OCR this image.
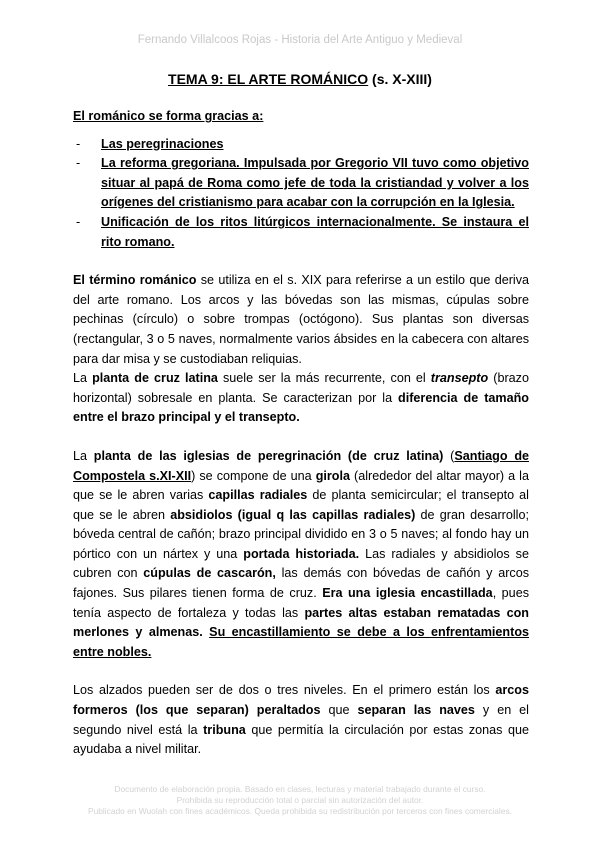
Fernando Villalcoos Rojas - Historia del Arte Antiguo y Medieval
TEMA 9: EL ARTE ROMÁNICO (s. X-XIII)

El románico se forma gracias a:

- Las peregrinaciones
- La reforma gregoriana. Impulsada por Gregorio VII tuvo como objetivo situar al papá de Roma como jefe de toda la cristiandad y volver a los orígenes del cristianismo para acabar con la corrupción en la Iglesia.
- Unificación de los ritos litúrgicos internacionalmente. Se instaura el rito romano.

El término románico se utiliza en el s. XIX para referirse a un estilo que deriva del arte romano. Los arcos y las bóvedas son las mismas, cúpulas sobre pechinas (círculo) o sobre trompas (octógono). Sus plantas son diversas (rectangular, 3 o 5 naves, normalmente varios ábsides en la cabecera con altares para dar misa y se custodiaban reliquias.

La planta de cruz latina suele ser la más recurrente, con el transepto (brazo horizontal) sobresale en planta. Se caracterizan por la diferencia de tamaño entre el brazo principal y el transepto.

La planta de las iglesias de peregrinación (de cruz latina) (Santiago de Compostela s.XI-XII) se compone de una girola (alrededor del altar mayor) a la que se le abren varias capillas radiales de planta semicircular; el transepto al que se le abren absidiolos (igual q las capillas radiales) de gran desarrollo; bóveda central de cañón; brazo principal dividido en 3 o 5 naves; al fondo hay un pórtico con un nártex y una portada historiada. Las radiales y absidiolos se cubren con cúpulas de cascarón, las demás con bóvedas de cañón y arcos fajones. Sus pilares tienen forma de cruz. Era una iglesia encastillada, pues tenía aspecto de fortaleza y todas las partes altas estaban rematadas con merlones y almenas. Su encastillamiento se debe a los enfrentamientos entre nobles.

Los alzados pueden ser de dos o tres niveles. En el primero están los arcos formeros (los que separan) peraltados que separan las naves y en el segundo nivel está la tribuna que permitía la circulación por estas zonas que ayudaba a nivel militar.

Documento de elaboración propia. Basado en clases, lecturas y material trabajado durante el curso.
Prohibida su reproducción total o parcial sin autorización del autor.
Publicado en Wuolah con fines académicos. Queda prohibida su redistribución por terceros con fines comerciales.
